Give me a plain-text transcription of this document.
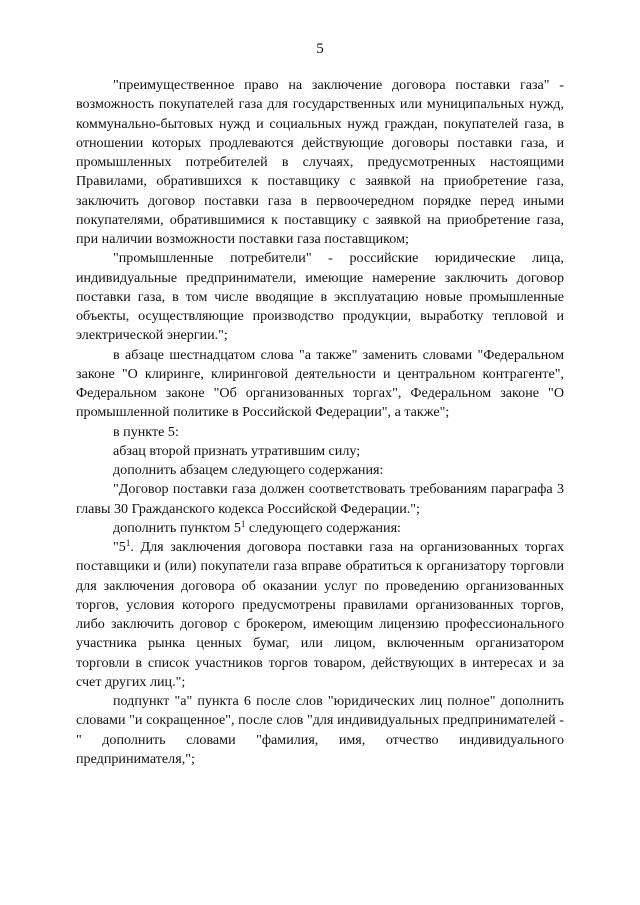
5

"преимущественное право на заключение договора поставки газа" - возможность покупателей газа для государственных или муниципальных нужд, коммунально-бытовых нужд и социальных нужд граждан, покупателей газа, в отношении которых продлеваются действующие договоры поставки газа, и промышленных потребителей в случаях, предусмотренных настоящими Правилами, обратившихся к поставщику с заявкой на приобретение газа, заключить договор поставки газа в первоочередном порядке перед иными покупателями, обратившимися к поставщику с заявкой на приобретение газа, при наличии возможности поставки газа поставщиком;

"промышленные потребители" - российские юридические лица, индивидуальные предприниматели, имеющие намерение заключить договор поставки газа, в том числе вводящие в эксплуатацию новые промышленные объекты, осуществляющие производство продукции, выработку тепловой и электрической энергии.";

в абзаце шестнадцатом слова "а также" заменить словами "Федеральном законе "О клиринге, клиринговой деятельности и центральном контрагенте", Федеральном законе "Об организованных торгах", Федеральном законе "О промышленной политике в Российской Федерации", а также";

в пункте 5:

абзац второй признать утратившим силу;

дополнить абзацем следующего содержания:

"Договор поставки газа должен соответствовать требованиям параграфа 3 главы 30 Гражданского кодекса Российской Федерации.";

дополнить пунктом $5^1$ следующего содержания:

"$5^1$. Для заключения договора поставки газа на организованных торгах поставщики и (или) покупатели газа вправе обратиться к организатору торговли для заключения договора об оказании услуг по проведению организованных торгов, условия которого предусмотрены правилами организованных торгов, либо заключить договор с брокером, имеющим лицензию профессионального участника рынка ценных бумаг, или лицом, включенным организатором торговли в список участников торгов товаром, действующих в интересах и за счет других лиц.";

подпункт "а" пункта 6 после слов "юридических лиц полное" дополнить словами "и сокращенное", после слов "для индивидуальных предпринимателей -" дополнить словами "фамилия, имя, отчество индивидуального предпринимателя,";
